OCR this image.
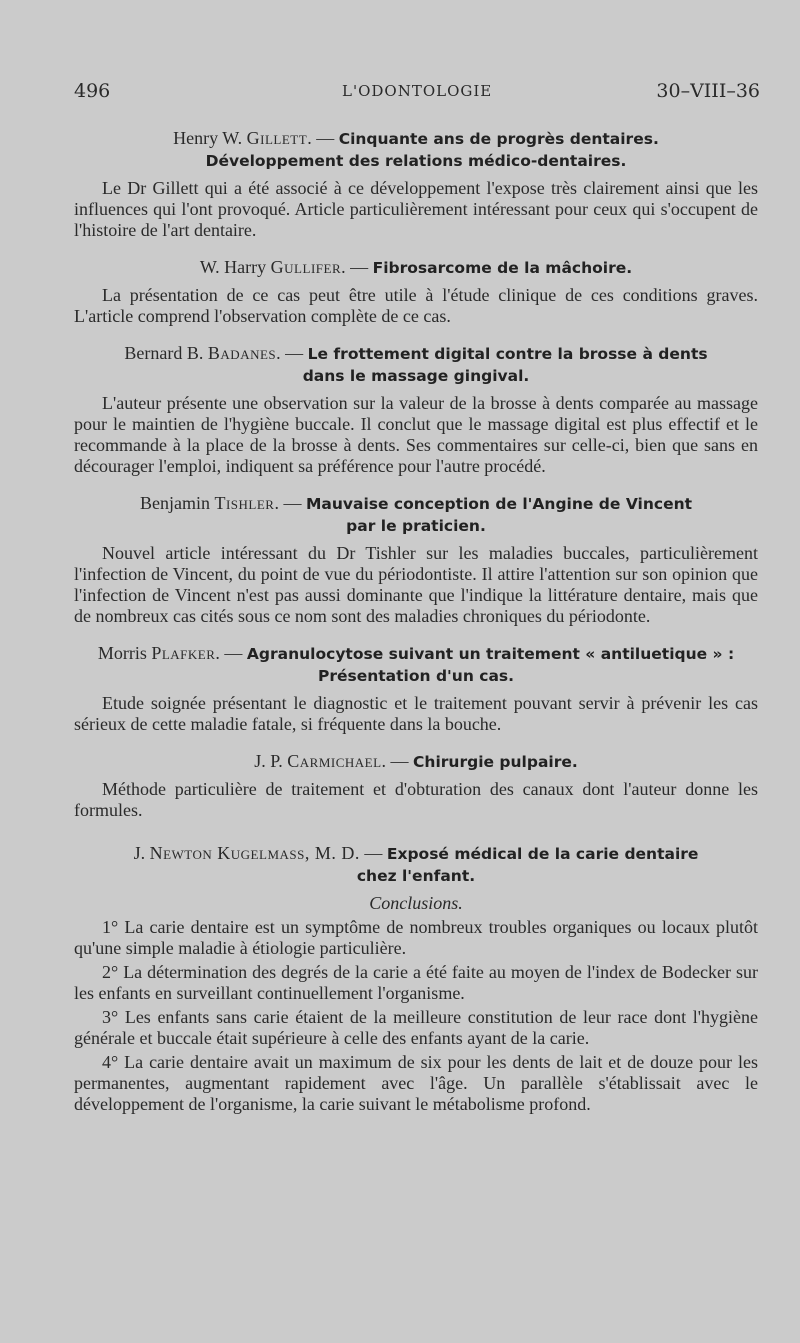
496	L'ODONTOLOGIE	30–VIII–36
Henry W. Gillett. — Cinquante ans de progrès dentaires.
Développement des relations médico-dentaires.

Le Dr Gillett qui a été associé à ce développement l'expose très clairement ainsi que les influences qui l'ont provoqué. Article particulièrement intéressant pour ceux qui s'occupent de l'histoire de l'art dentaire.

W. Harry Gullifer. — Fibrosarcome de la mâchoire.

La présentation de ce cas peut être utile à l'étude clinique de ces conditions graves. L'article comprend l'observation complète de ce cas.

Bernard B. Badanes. — Le frottement digital contre la brosse à dents
dans le massage gingival.

L'auteur présente une observation sur la valeur de la brosse à dents comparée au massage pour le maintien de l'hygiène buccale. Il conclut que le massage digital est plus effectif et le recommande à la place de la brosse à dents. Ses commentaires sur celle-ci, bien que sans en décourager l'emploi, indiquent sa préférence pour l'autre procédé.

Benjamin Tishler. — Mauvaise conception de l'Angine de Vincent
par le praticien.

Nouvel article intéressant du Dr Tishler sur les maladies buccales, particulièrement l'infection de Vincent, du point de vue du périodontiste. Il attire l'attention sur son opinion que l'infection de Vincent n'est pas aussi dominante que l'indique la littérature dentaire, mais que de nombreux cas cités sous ce nom sont des maladies chroniques du périodonte.

Morris Plafker. — Agranulocytose suivant un traitement « antiluetique » :
Présentation d'un cas.

Etude soignée présentant le diagnostic et le traitement pouvant servir à prévenir les cas sérieux de cette maladie fatale, si fréquente dans la bouche.

J. P. Carmichael. — Chirurgie pulpaire.

Méthode particulière de traitement et d'obturation des canaux dont l'auteur donne les formules.

J. Newton Kugelmass, M. D. — Exposé médical de la carie dentaire
chez l'enfant.
Conclusions.

1° La carie dentaire est un symptôme de nombreux troubles organiques ou locaux plutôt qu'une simple maladie à étiologie particulière.

2° La détermination des degrés de la carie a été faite au moyen de l'index de Bodecker sur les enfants en surveillant continuellement l'organisme.

3° Les enfants sans carie étaient de la meilleure constitution de leur race dont l'hygiène générale et buccale était supérieure à celle des enfants ayant de la carie.

4° La carie dentaire avait un maximum de six pour les dents de lait et de douze pour les permanentes, augmentant rapidement avec l'âge. Un parallèle s'établissait avec le développement de l'organisme, la carie suivant le métabolisme profond.
